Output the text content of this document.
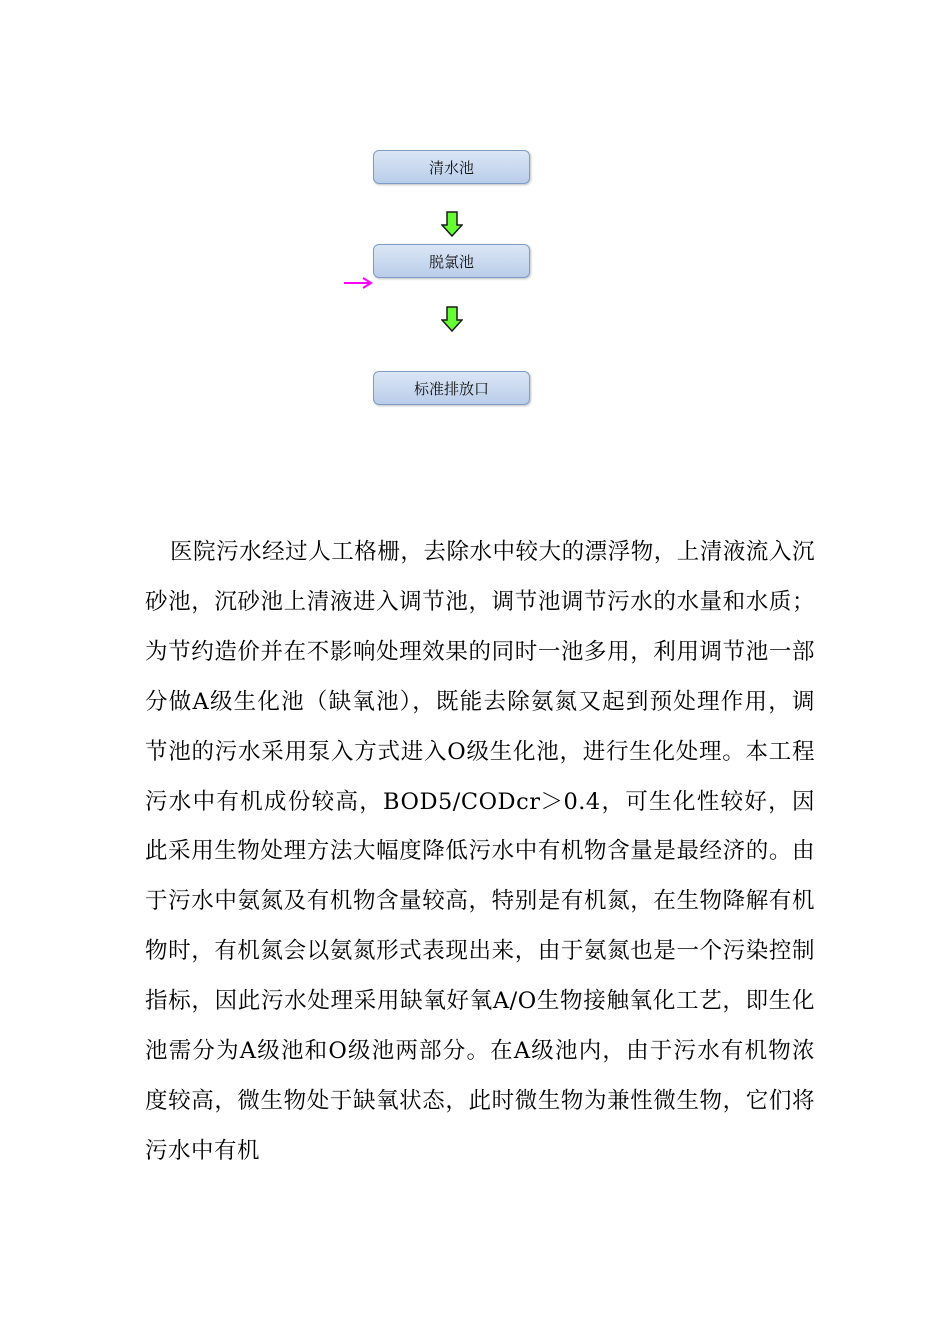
清水池
脱氯池
标准排放口

医院污水经过人工格栅，去除水中较大的漂浮物，上清液流入沉砂池，沉砂池上清液进入调节池，调节池调节污水的水量和水质；为节约造价并在不影响处理效果的同时一池多用，利用调节池一部分做A级生化池（缺氧池），既能去除氨氮又起到预处理作用，调节池的污水采用泵入方式进入O级生化池，进行生化处理。本工程污水中有机成份较高，BOD5/CODcr＞0.4，可生化性较好，因此采用生物处理方法大幅度降低污水中有机物含量是最经济的。由于污水中氨氮及有机物含量较高，特别是有机氮，在生物降解有机物时，有机氮会以氨氮形式表现出来，由于氨氮也是一个污染控制指标，因此污水处理采用缺氧好氧A/O生物接触氧化工艺，即生化池需分为A级池和O级池两部分。在A级池内，由于污水有机物浓度较高，微生物处于缺氧状态，此时微生物为兼性微生物，它们将污水中有机
